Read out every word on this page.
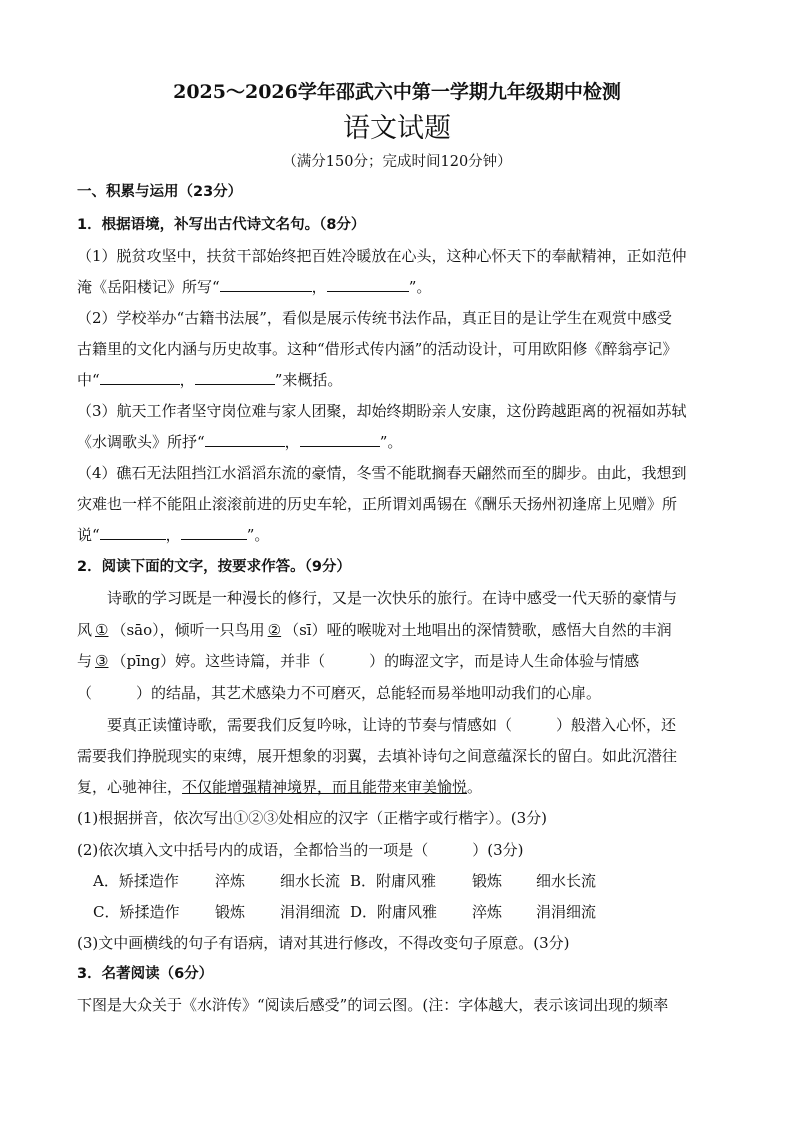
2025～2026学年邵武六中第一学期九年级期中检测
语文试题
（满分150分；完成时间120分钟）
一、积累与运用（23分）
1．根据语境，补写出古代诗文名句。（8分）
（1）脱贫攻坚中，扶贫干部始终把百姓冷暖放在心头，这种心怀天下的奉献精神，正如范仲
淹《岳阳楼记》所写“	，	”。
（2）学校举办“古籍书法展”，看似是展示传统书法作品，真正目的是让学生在观赏中感受
古籍里的文化内涵与历史故事。这种“借形式传内涵”的活动设计，可用欧阳修《醉翁亭记》
中“	，	”来概括。
（3）航天工作者坚守岗位难与家人团聚，却始终期盼亲人安康，这份跨越距离的祝福如苏轼
《水调歌头》所抒“	，	”。
（4）礁石无法阻挡江水滔滔东流的豪情，冬雪不能耽搁春天翩然而至的脚步。由此，我想到
灾难也一样不能阻止滚滚前进的历史车轮，正所谓刘禹锡在《酬乐天扬州初逢席上见赠》所
说“	，	”。
2．阅读下面的文字，按要求作答。（9分）
诗歌的学习既是一种漫长的修行，又是一次快乐的旅行。在诗中感受一代天骄的豪情与
风 ① （sāo），倾听一只鸟用 ② （sī）哑的喉咙对土地唱出的深情赞歌，感悟大自然的丰润
与 ③ （pīng）婷。这些诗篇，并非（	）的晦涩文字，而是诗人生命体验与情感
（	）的结晶，其艺术感染力不可磨灭，总能轻而易举地叩动我们的心扉。
要真正读懂诗歌，需要我们反复吟咏，让诗的节奏与情感如（	）般潜入心怀，还
需要我们挣脱现实的束缚，展开想象的羽翼，去填补诗句之间意蕴深长的留白。如此沉潜往
复，心驰神往，不仅能增强精神境界，而且能带来审美愉悦。
(1)根据拼音，依次写出①②③处相应的汉字（正楷字或行楷字）。(3分)
(2)依次填入文中括号内的成语，全都恰当的一项是（	）(3分)
A．矫揉造作 淬炼 细水长流 B．附庸风雅 锻炼 细水长流
C．矫揉造作 锻炼 涓涓细流 D．附庸风雅 淬炼 涓涓细流
(3)文中画横线的句子有语病，请对其进行修改，不得改变句子原意。(3分)
3．名著阅读（6分）
下图是大众关于《水浒传》“阅读后感受”的词云图。(注：字体越大，表示该词出现的频率
